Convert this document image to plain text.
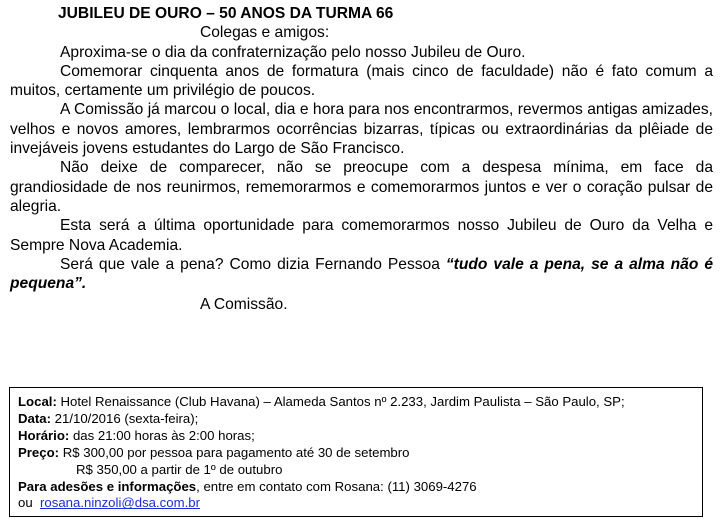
JUBILEU DE OURO – 50 ANOS DA TURMA 66
Colegas e amigos:

Aproxima-se o dia da confraternização pelo nosso Jubileu de Ouro.

Comemorar cinquenta anos de formatura (mais cinco de faculdade) não é fato comum a muitos, certamente um privilégio de poucos.

A Comissão já marcou o local, dia e hora para nos encontrarmos, revermos antigas amizades, velhos e novos amores, lembrarmos ocorrências bizarras, típicas ou extraordinárias da plêiade de invejáveis jovens estudantes do Largo de São Francisco.

Não deixe de comparecer, não se preocupe com a despesa mínima, em face da grandiosidade de nos reunirmos, rememorarmos e comemorarmos juntos e ver o coração pulsar de alegria.

Esta será a última oportunidade para comemorarmos nosso Jubileu de Ouro da Velha e Sempre Nova Academia.

Será que vale a pena? Como dizia Fernando Pessoa “tudo vale a pena, se a alma não é pequena”.

A Comissão.
Local: Hotel Renaissance (Club Havana) – Alameda Santos nº 2.233, Jardim Paulista – São Paulo, SP;
Data: 21/10/2016 (sexta-feira);
Horário: das 21:00 horas às 2:00 horas;
Preço: R$ 300,00 por pessoa para pagamento até 30 de setembro
R$ 350,00 a partir de 1º de outubro
Para adesões e informações, entre em contato com Rosana: (11) 3069-4276
ou  rosana.ninzoli@dsa.com.br
